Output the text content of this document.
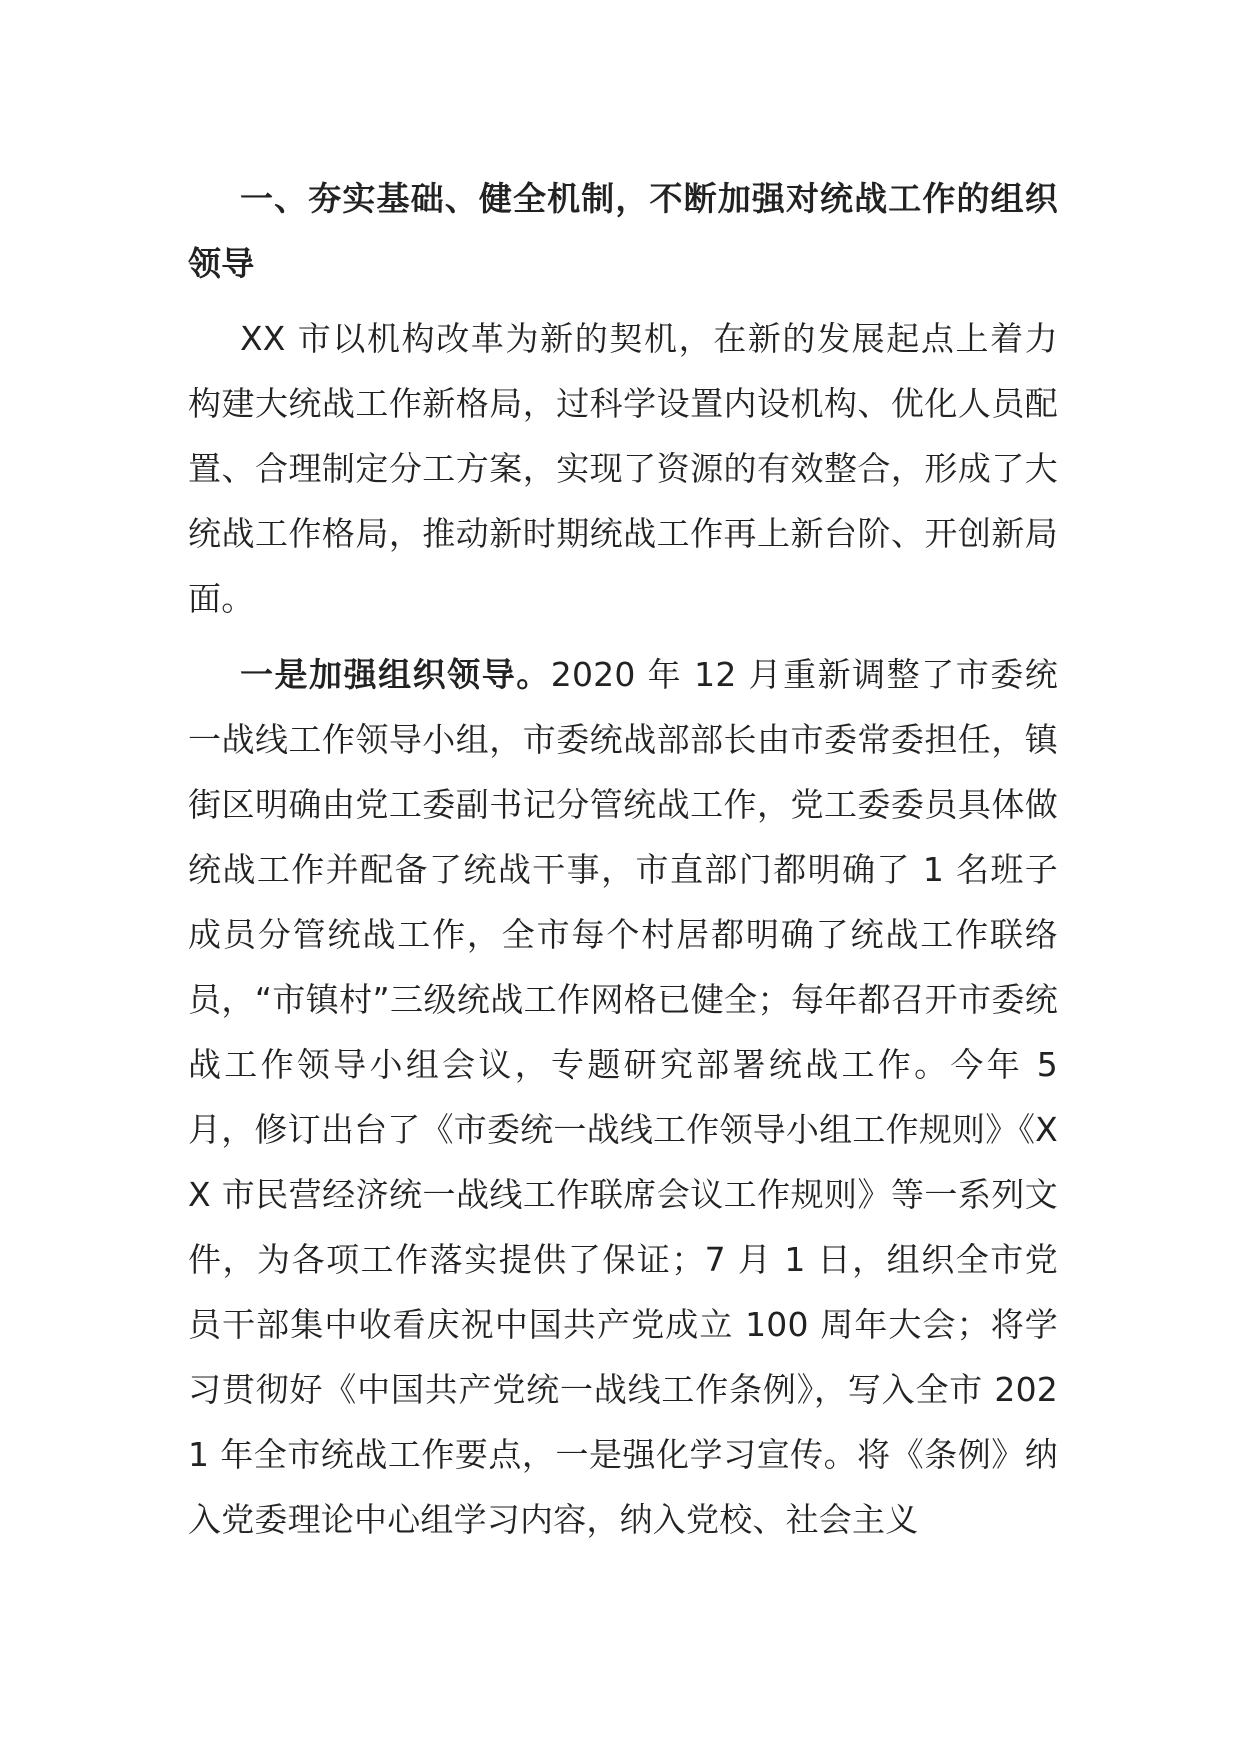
一、夯实基础、健全机制，不断加强对统战工作的组织领导

XX 市以机构改革为新的契机，在新的发展起点上着力构建大统战工作新格局，过科学设置内设机构、优化人员配置、合理制定分工方案，实现了资源的有效整合，形成了大统战工作格局，推动新时期统战工作再上新台阶、开创新局面。

一是加强组织领导。2020 年 12 月重新调整了市委统一战线工作领导小组，市委统战部部长由市委常委担任，镇街区明确由党工委副书记分管统战工作，党工委委员具体做统战工作并配备了统战干事，市直部门都明确了 1 名班子成员分管统战工作，全市每个村居都明确了统战工作联络员，“市镇村”三级统战工作网格已健全；每年都召开市委统战工作领导小组会议，专题研究部署统战工作。今年 5 月，修订出台了《市委统一战线工作领导小组工作规则》《XX 市民营经济统一战线工作联席会议工作规则》等一系列文件，为各项工作落实提供了保证；7 月 1 日，组织全市党员干部集中收看庆祝中国共产党成立 100 周年大会；将学习贯彻好《中国共产党统一战线工作条例》，写入全市 2021 年全市统战工作要点，一是强化学习宣传。将《条例》纳入党委理论中心组学习内容，纳入党校、社会主义
